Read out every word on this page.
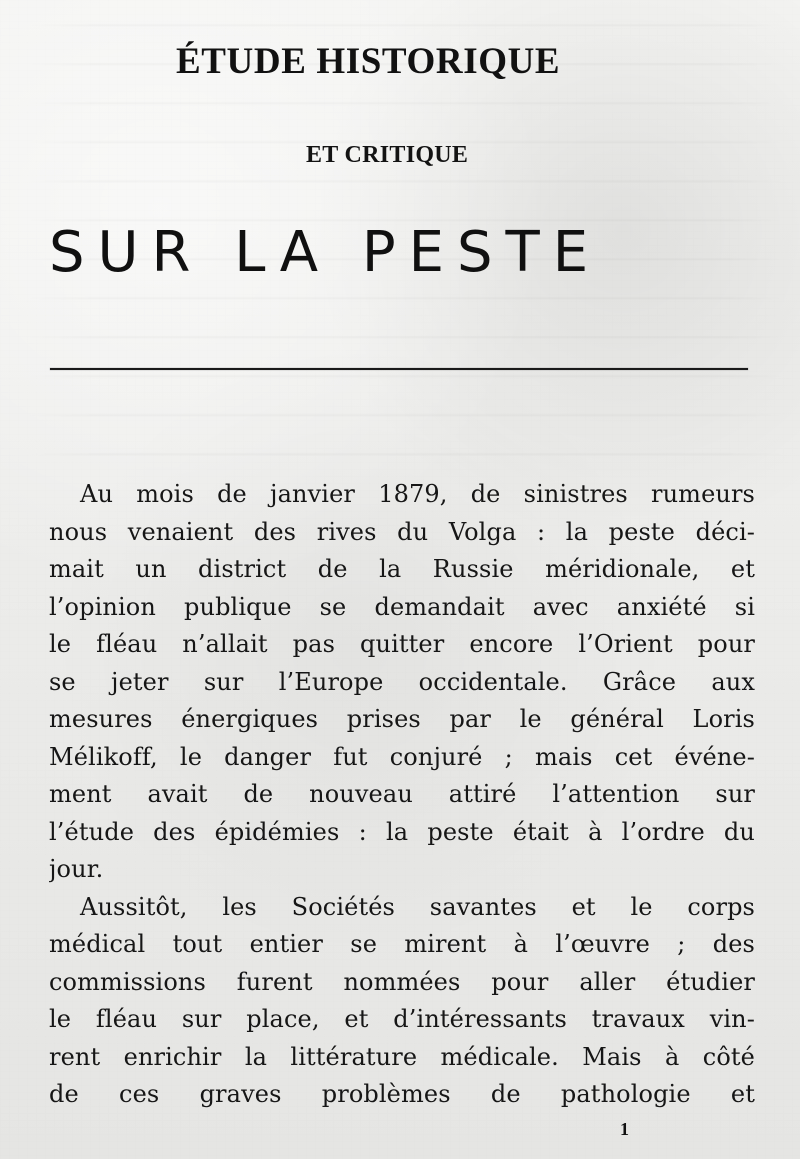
ÉTUDE HISTORIQUE
ET CRITIQUE
SUR LA PESTE

Au mois de janvier 1879, de sinistres rumeurs
nous venaient des rives du Volga : la peste déci-
mait un district de la Russie méridionale, et
l’opinion publique se demandait avec anxiété si
le fléau n’allait pas quitter encore l’Orient pour
se jeter sur l’Europe occidentale. Grâce aux
mesures énergiques prises par le général Loris
Mélikoff, le danger fut conjuré ; mais cet événe-
ment avait de nouveau attiré l’attention sur
l’étude des épidémies : la peste était à l’ordre du
jour.

Aussitôt, les Sociétés savantes et le corps
médical tout entier se mirent à l’œuvre ; des
commissions furent nommées pour aller étudier
le fléau sur place, et d’intéressants travaux vin-
rent enrichir la littérature médicale. Mais à côté
de ces graves problèmes de pathologie et

1
